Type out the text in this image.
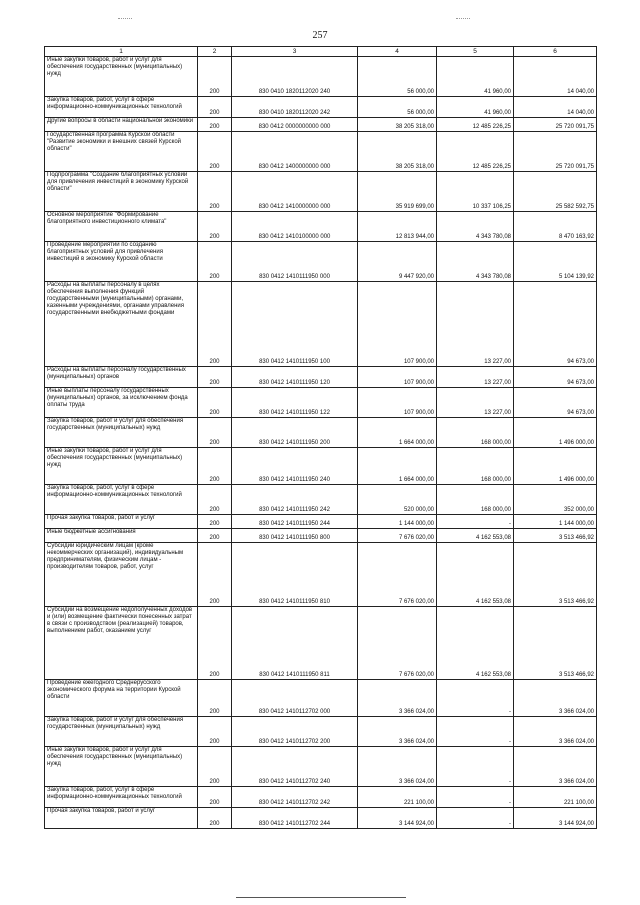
257
1	2	3	4	5	6
Иные закупки товаров, работ и услуг для обеспечения государственных (муниципальных) нужд	200	830 0410 1820112020 240	56 000,00	41 960,00	14 040,00
Закупка товаров, работ, услуг в сфере информационно-коммуникационных технологий	200	830 0410 1820112020 242	56 000,00	41 960,00	14 040,00
Другие вопросы в области национальной экономики	200	830 0412 0000000000 000	38 205 318,00	12 485 226,25	25 720 091,75
Государственная программа Курской области "Развитие экономики и внешних связей Курской области"	200	830 0412 1400000000 000	38 205 318,00	12 485 226,25	25 720 091,75
Подпрограмма "Создание благоприятных условий для привлечения инвестиций в экономику Курской области"	200	830 0412 1410000000 000	35 919 699,00	10 337 106,25	25 582 592,75
Основное мероприятие "Формирование благоприятного инвестиционного климата"	200	830 0412 1410100000 000	12 813 944,00	4 343 780,08	8 470 163,92
Проведение мероприятий по созданию благоприятных условий для привлечения инвестиций в экономику Курской области	200	830 0412 1410111950 000	9 447 920,00	4 343 780,08	5 104 139,92
Расходы на выплаты персоналу в целях обеспечения выполнения функций государственными (муниципальными) органами, казенными учреждениями, органами управления государственными внебюджетными фондами	200	830 0412 1410111950 100	107 900,00	13 227,00	94 673,00
Расходы на выплаты персоналу государственных (муниципальных) органов	200	830 0412 1410111950 120	107 900,00	13 227,00	94 673,00
Иные выплаты персоналу государственных (муниципальных) органов, за исключением фонда оплаты труда	200	830 0412 1410111950 122	107 900,00	13 227,00	94 673,00
Закупка товаров, работ и услуг для обеспечения государственных (муниципальных) нужд	200	830 0412 1410111950 200	1 664 000,00	168 000,00	1 496 000,00
Иные закупки товаров, работ и услуг для обеспечения государственных (муниципальных) нужд	200	830 0412 1410111950 240	1 664 000,00	168 000,00	1 496 000,00
Закупка товаров, работ, услуг в сфере информационно-коммуникационных технологий	200	830 0412 1410111950 242	520 000,00	168 000,00	352 000,00
Прочая закупка товаров, работ и услуг	200	830 0412 1410111950 244	1 144 000,00	-	1 144 000,00
Иные бюджетные ассигнования	200	830 0412 1410111950 800	7 676 020,00	4 162 553,08	3 513 466,92
Субсидии юридическим лицам (кроме некоммерческих организаций), индивидуальным предпринимателям, физическим лицам - производителям товаров, работ, услуг	200	830 0412 1410111950 810	7 676 020,00	4 162 553,08	3 513 466,92
Субсидии на возмещение недополученных доходов и (или) возмещение фактически понесенных затрат в связи с производством (реализацией) товаров, выполнением работ, оказанием услуг	200	830 0412 1410111950 811	7 676 020,00	4 162 553,08	3 513 466,92
Проведение ежегодного Среднерусского экономического форума на территории Курской области	200	830 0412 1410112702 000	3 366 024,00	-	3 366 024,00
Закупка товаров, работ и услуг для обеспечения государственных (муниципальных) нужд	200	830 0412 1410112702 200	3 366 024,00	-	3 366 024,00
Иные закупки товаров, работ и услуг для обеспечения государственных (муниципальных) нужд	200	830 0412 1410112702 240	3 366 024,00	-	3 366 024,00
Закупка товаров, работ, услуг в сфере информационно-коммуникационных технологий	200	830 0412 1410112702 242	221 100,00	-	221 100,00
Прочая закупка товаров, работ и услуг	200	830 0412 1410112702 244	3 144 924,00	-	3 144 924,00
